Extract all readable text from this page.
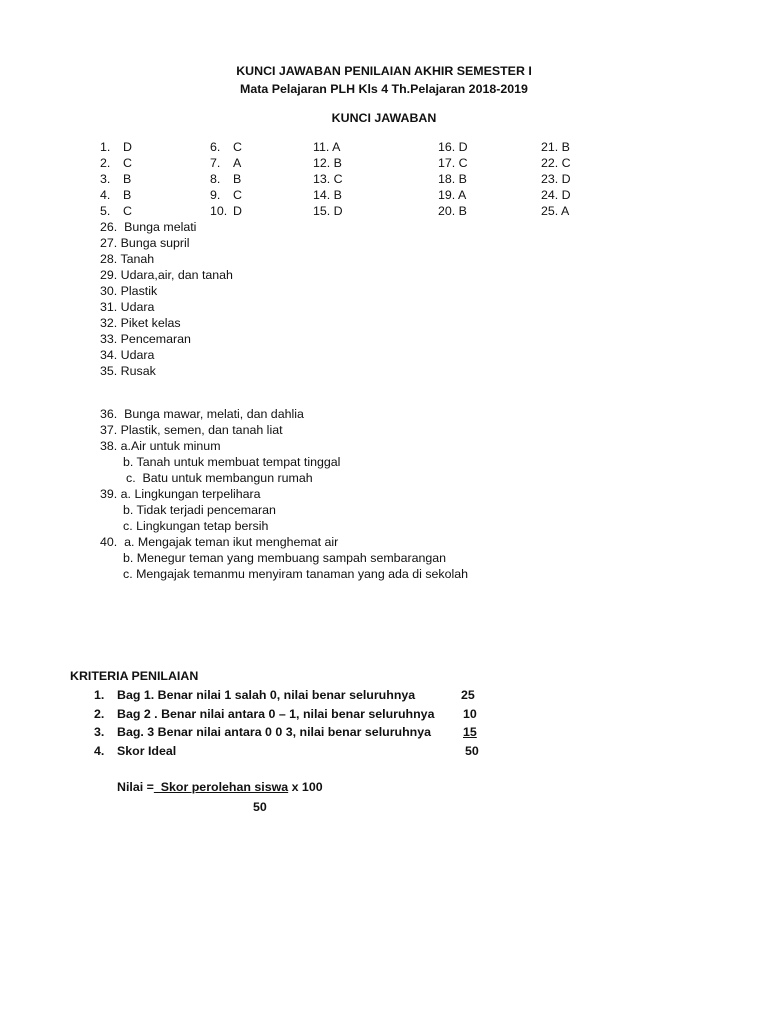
KUNCI JAWABAN PENILAIAN AKHIR SEMESTER I
Mata Pelajaran PLH Kls 4 Th.Pelajaran 2018-2019
KUNCI JAWABAN
1. D
2. C
3. B
4. B
5. C
6. C
7. A
8. B
9. C
10. D
11. A
12. B
13. C
14. B
15. D
16. D
17. C
18. B
19. A
20. B
21. B
22. C
23. D
24. D
25. A
26.  Bunga melati
27. Bunga supril
28. Tanah
29. Udara,air, dan tanah
30. Plastik
31. Udara
32. Piket kelas
33. Pencemaran
34. Udara
35. Rusak
36.  Bunga mawar, melati, dan dahlia
37. Plastik, semen, dan tanah liat
38. a.Air untuk minum
b. Tanah untuk membuat tempat tinggal
c.  Batu untuk membangun rumah
39. a. Lingkungan terpelihara
b. Tidak terjadi pencemaran
c. Lingkungan tetap bersih
40.  a. Mengajak teman ikut menghemat air
b. Menegur teman yang membuang sampah sembarangan
c. Mengajak temanmu menyiram tanaman yang ada di sekolah
KRITERIA PENILAIAN
1. Bag 1. Benar nilai 1 salah 0, nilai benar seluruhnya	25
2. Bag 2 . Benar nilai antara 0 – 1, nilai benar seluruhnya 10
3. Bag. 3 Benar nilai antara 0 0 3, nilai benar seluruhnya	15
4. Skor Ideal	50
Nilai =  Skor perolehan siswa x 100
50
